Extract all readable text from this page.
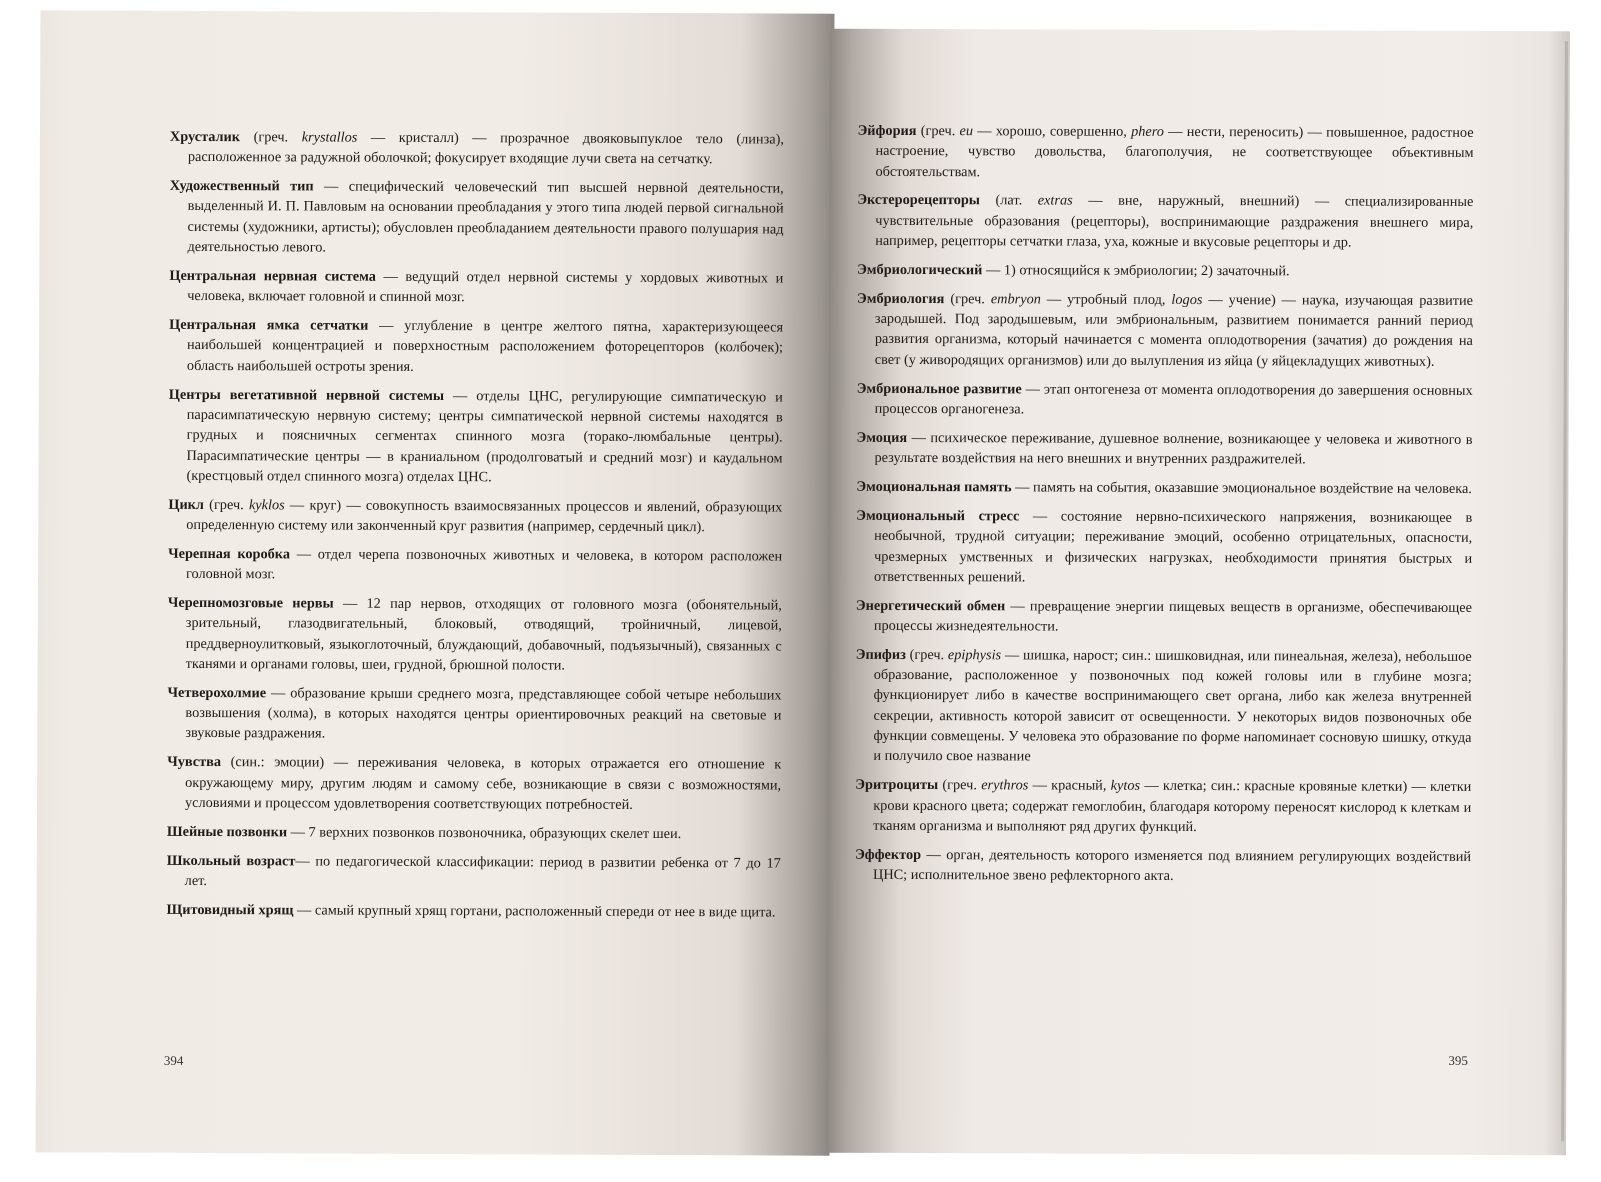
Хрусталик (греч. krystallos — кристалл) — прозрачное двояковыпуклое тело (линза), расположенное за радужной оболочкой; фокусирует входящие лучи света на сетчатку.

Художественный тип — специфический человеческий тип высшей нервной деятельности, выделенный И. П. Павловым на основании преобладания у этого типа людей первой сигнальной системы (художники, артисты); обусловлен преобладанием деятельности правого полушария над деятельностью левого.

Центральная нервная система — ведущий отдел нервной системы у хордовых животных и человека, включает головной и спинной мозг.

Центральная ямка сетчатки — углубление в центре желтого пятна, характеризующееся наибольшей концентрацией и поверхностным расположением фоторецепторов (колбочек); область наибольшей остроты зрения.

Центры вегетативной нервной системы — отделы ЦНС, регулирующие симпатическую и парасимпатическую нервную систему; центры симпатической нервной системы находятся в грудных и поясничных сегментах спинного мозга (торако-люмбальные центры). Парасимпатические центры — в краниальном (продолговатый и средний мозг) и каудальном (крестцовый отдел спинного мозга) отделах ЦНС.

Цикл (греч. kyklos — круг) — совокупность взаимосвязанных процессов и явлений, образующих определенную систему или законченный круг развития (например, сердечный цикл).

Черепная коробка — отдел черепа позвоночных животных и человека, в котором расположен головной мозг.

Черепномозговые нервы — 12 пар нервов, отходящих от головного мозга (обонятельный, зрительный, глазодвигательный, блоковый, отводящий, тройничный, лицевой, преддверноулитковый, языкоглоточный, блуждающий, добавочный, подъязычный), связанных с тканями и органами головы, шеи, грудной, брюшной полости.

Четверохолмие — образование крыши среднего мозга, представляющее собой четыре небольших возвышения (холма), в которых находятся центры ориентировочных реакций на световые и звуковые раздражения.

Чувства (син.: эмоции) — переживания человека, в которых отражается его отношение к окружающему миру, другим людям и самому себе, возникающие в связи с возможностями, условиями и процессом удовлетворения соответствующих потребностей.

Шейные позвонки — 7 верхних позвонков позвоночника, образующих скелет шеи.

Школьный возраст— по педагогической классификации: период в развитии ребенка от 7 до 17 лет.

Щитовидный хрящ — самый крупный хрящ гортани, расположенный спереди от нее в виде щита.

394

Эйфория (греч. eu — хорошо, совершенно, phero — нести, переносить) — повышенное, радостное настроение, чувство довольства, благополучия, не соответствующее объективным обстоятельствам.

Экстерорецепторы (лат. extras — вне, наружный, внешний) — специализированные чувствительные образования (рецепторы), воспринимающие раздражения внешнего мира, например, рецепторы сетчатки глаза, уха, кожные и вкусовые рецепторы и др.

Эмбриологический — 1) относящийся к эмбриологии; 2) зачаточный.

Эмбриология (греч. embryon — утробный плод, logos — учение) — наука, изучающая развитие зародышей. Под зародышевым, или эмбриональным, развитием понимается ранний период развития организма, который начинается с момента оплодотворения (зачатия) до рождения на свет (у живородящих организмов) или до вылупления из яйца (у яйцекладущих животных).

Эмбриональное развитие — этап онтогенеза от момента оплодотворения до завершения основных процессов органогенеза.

Эмоция — психическое переживание, душевное волнение, возникающее у человека и животного в результате воздействия на него внешних и внутренних раздражителей.

Эмоциональная память — память на события, оказавшие эмоциональное воздействие на человека.

Эмоциональный стресс — состояние нервно-психического напряжения, возникающее в необычной, трудной ситуации; переживание эмоций, особенно отрицательных, опасности, чрезмерных умственных и физических нагрузках, необходимости принятия быстрых и ответственных решений.

Энергетический обмен — превращение энергии пищевых веществ в организме, обеспечивающее процессы жизнедеятельности.

Эпифиз (греч. epiphysis — шишка, нарост; син.: шишковидная, или пинеальная, железа), небольшое образование, расположенное у позвоночных под кожей головы или в глубине мозга; функционирует либо в качестве воспринимающего свет органа, либо как железа внутренней секреции, активность которой зависит от освещенности. У некоторых видов позвоночных обе функции совмещены. У человека это образование по форме напоминает сосновую шишку, откуда и получило свое название

Эритроциты (греч. erythros — красный, kytos — клетка; син.: красные кровяные клетки) — клетки крови красного цвета; содержат гемоглобин, благодаря которому переносят кислород к клеткам и тканям организма и выполняют ряд других функций.

Эффектор — орган, деятельность которого изменяется под влиянием регулирующих воздействий ЦНС; исполнительное звено рефлекторного акта.

395
